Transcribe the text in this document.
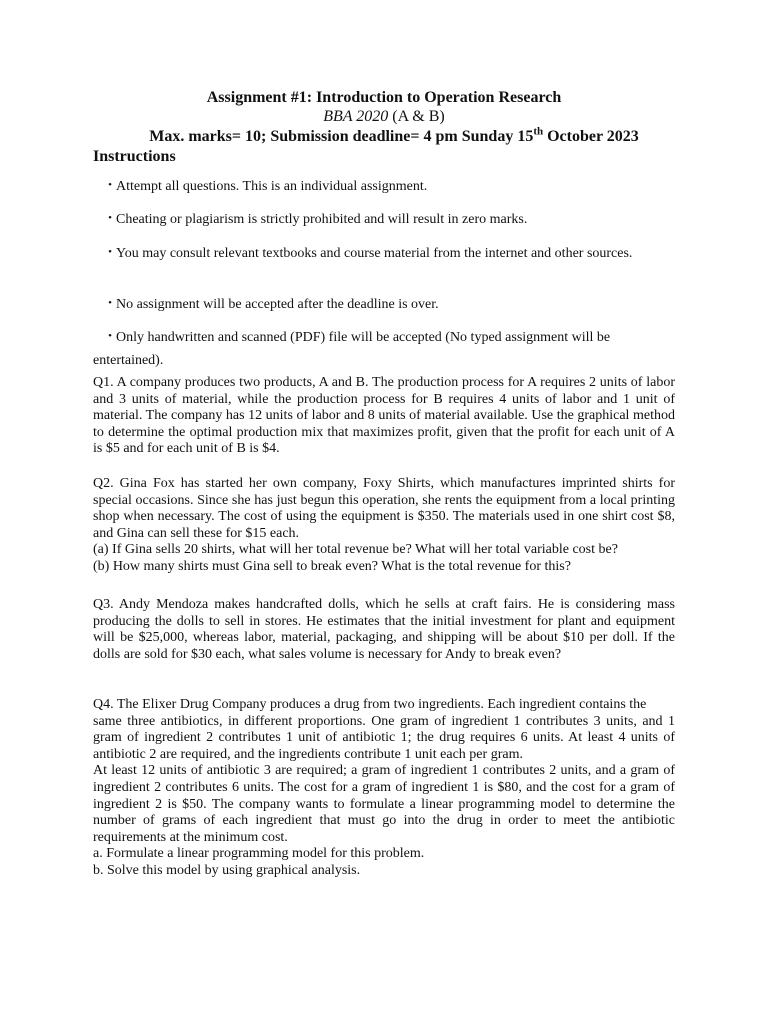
Assignment #1: Introduction to Operation Research
BBA 2020 (A & B)
Max. marks= 10; Submission deadline= 4 pm Sunday 15th October 2023
Instructions
• Attempt all questions. This is an individual assignment.
• Cheating or plagiarism is strictly prohibited and will result in zero marks.
• You may consult relevant textbooks and course material from the internet and other sources.
• No assignment will be accepted after the deadline is over.
• Only handwritten and scanned (PDF) file will be accepted (No typed assignment will be entertained).

Q1. A company produces two products, A and B. The production process for A requires 2 units of labor and 3 units of material, while the production process for B requires 4 units of labor and 1 unit of material. The company has 12 units of labor and 8 units of material available. Use the graphical method to determine the optimal production mix that maximizes profit, given that the profit for each unit of A is $5 and for each unit of B is $4.

Q2. Gina Fox has started her own company, Foxy Shirts, which manufactures imprinted shirts for special occasions. Since she has just begun this operation, she rents the equipment from a local printing shop when necessary. The cost of using the equipment is $350. The materials used in one shirt cost $8, and Gina can sell these for $15 each.

(a) If Gina sells 20 shirts, what will her total revenue be? What will her total variable cost be?

(b) How many shirts must Gina sell to break even? What is the total revenue for this?

Q3. Andy Mendoza makes handcrafted dolls, which he sells at craft fairs. He is considering mass producing the dolls to sell in stores. He estimates that the initial investment for plant and equipment will be $25,000, whereas labor, material, packaging, and shipping will be about $10 per doll. If the dolls are sold for $30 each, what sales volume is necessary for Andy to break even?

Q4. The Elixer Drug Company produces a drug from two ingredients. Each ingredient contains the

same three antibiotics, in different proportions. One gram of ingredient 1 contributes 3 units, and 1 gram of ingredient 2 contributes 1 unit of antibiotic 1; the drug requires 6 units. At least 4 units of antibiotic 2 are required, and the ingredients contribute 1 unit each per gram.

At least 12 units of antibiotic 3 are required; a gram of ingredient 1 contributes 2 units, and a gram of ingredient 2 contributes 6 units. The cost for a gram of ingredient 1 is $80, and the cost for a gram of ingredient 2 is $50. The company wants to formulate a linear programming model to determine the number of grams of each ingredient that must go into the drug in order to meet the antibiotic requirements at the minimum cost.

a. Formulate a linear programming model for this problem.

b. Solve this model by using graphical analysis.
